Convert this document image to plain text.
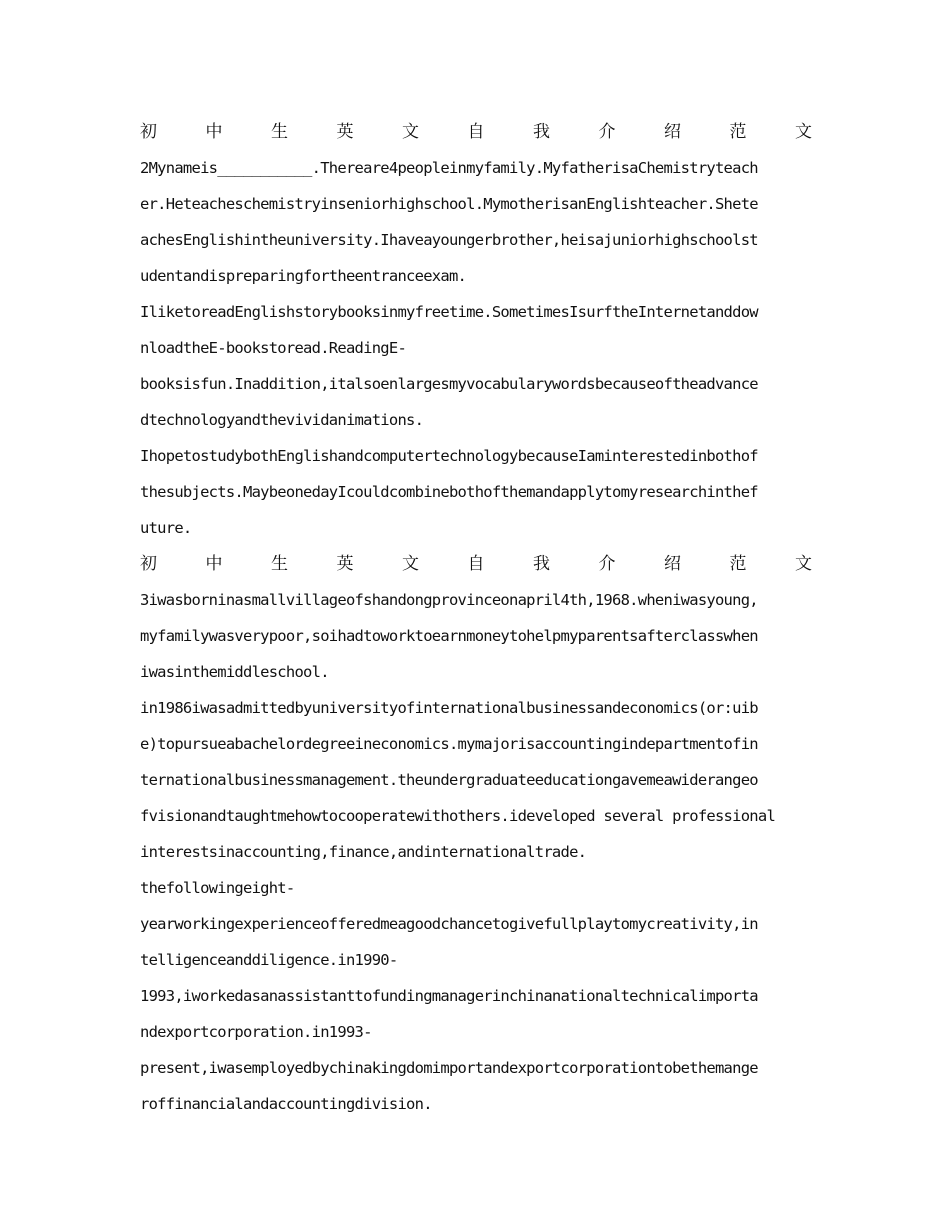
初	中	生	英	文	自	我	介	绍	范	文
2Mynameis___________.Thereare4peopleinmyfamily.MyfatherisaChemistryteach
er.Heteacheschemistryinseniorhighschool.MymotherisanEnglishteacher.Shete
achesEnglishintheuniversity.Ihaveayoungerbrother,heisajuniorhighschoolst
udentandispreparingfortheentranceexam.
IliketoreadEnglishstorybooksinmyfreetime.SometimesIsurftheInternetanddow
nloadtheE-bookstoread.ReadingE-
booksisfun.Inaddition,italsoenlargesmyvocabularywordsbecauseoftheadvance
dtechnologyandthevividanimations.
IhopetostudybothEnglishandcomputertechnologybecauseIaminterestedinbothof
thesubjects.MaybeonedayIcouldcombinebothofthemandapplytomyresearchinthef
uture.
初	中	生	英	文	自	我	介	绍	范	文
3iwasborninasmallvillageofshandongprovinceonapril4th,1968.wheniwasyoung,
myfamilywasverypoor,soihadtoworktoearnmoneytohelpmyparentsafterclasswhen
iwasinthemiddleschool.
in1986iwasadmittedbyuniversityofinternationalbusinessandeconomics(or:uib
e)topursueabachelordegreeineconomics.mymajorisaccountingindepartmentofin
ternationalbusinessmanagement.theundergraduateeducationgavemeawiderangeo
fvisionandtaughtmehowtocooperatewithothers.ideveloped several professional
interestsinaccounting,finance,andinternationaltrade.
thefollowingeight-
yearworkingexperienceofferedmeagoodchancetogivefullplaytomycreativity,in
telligenceanddiligence.in1990-
1993,iworkedasanassistanttofundingmanagerinchinanationaltechnicalimporta
ndexportcorporation.in1993-
present,iwasemployedbychinakingdomimportandexportcorporationtobethemange
roffinancialandaccountingdivision.
